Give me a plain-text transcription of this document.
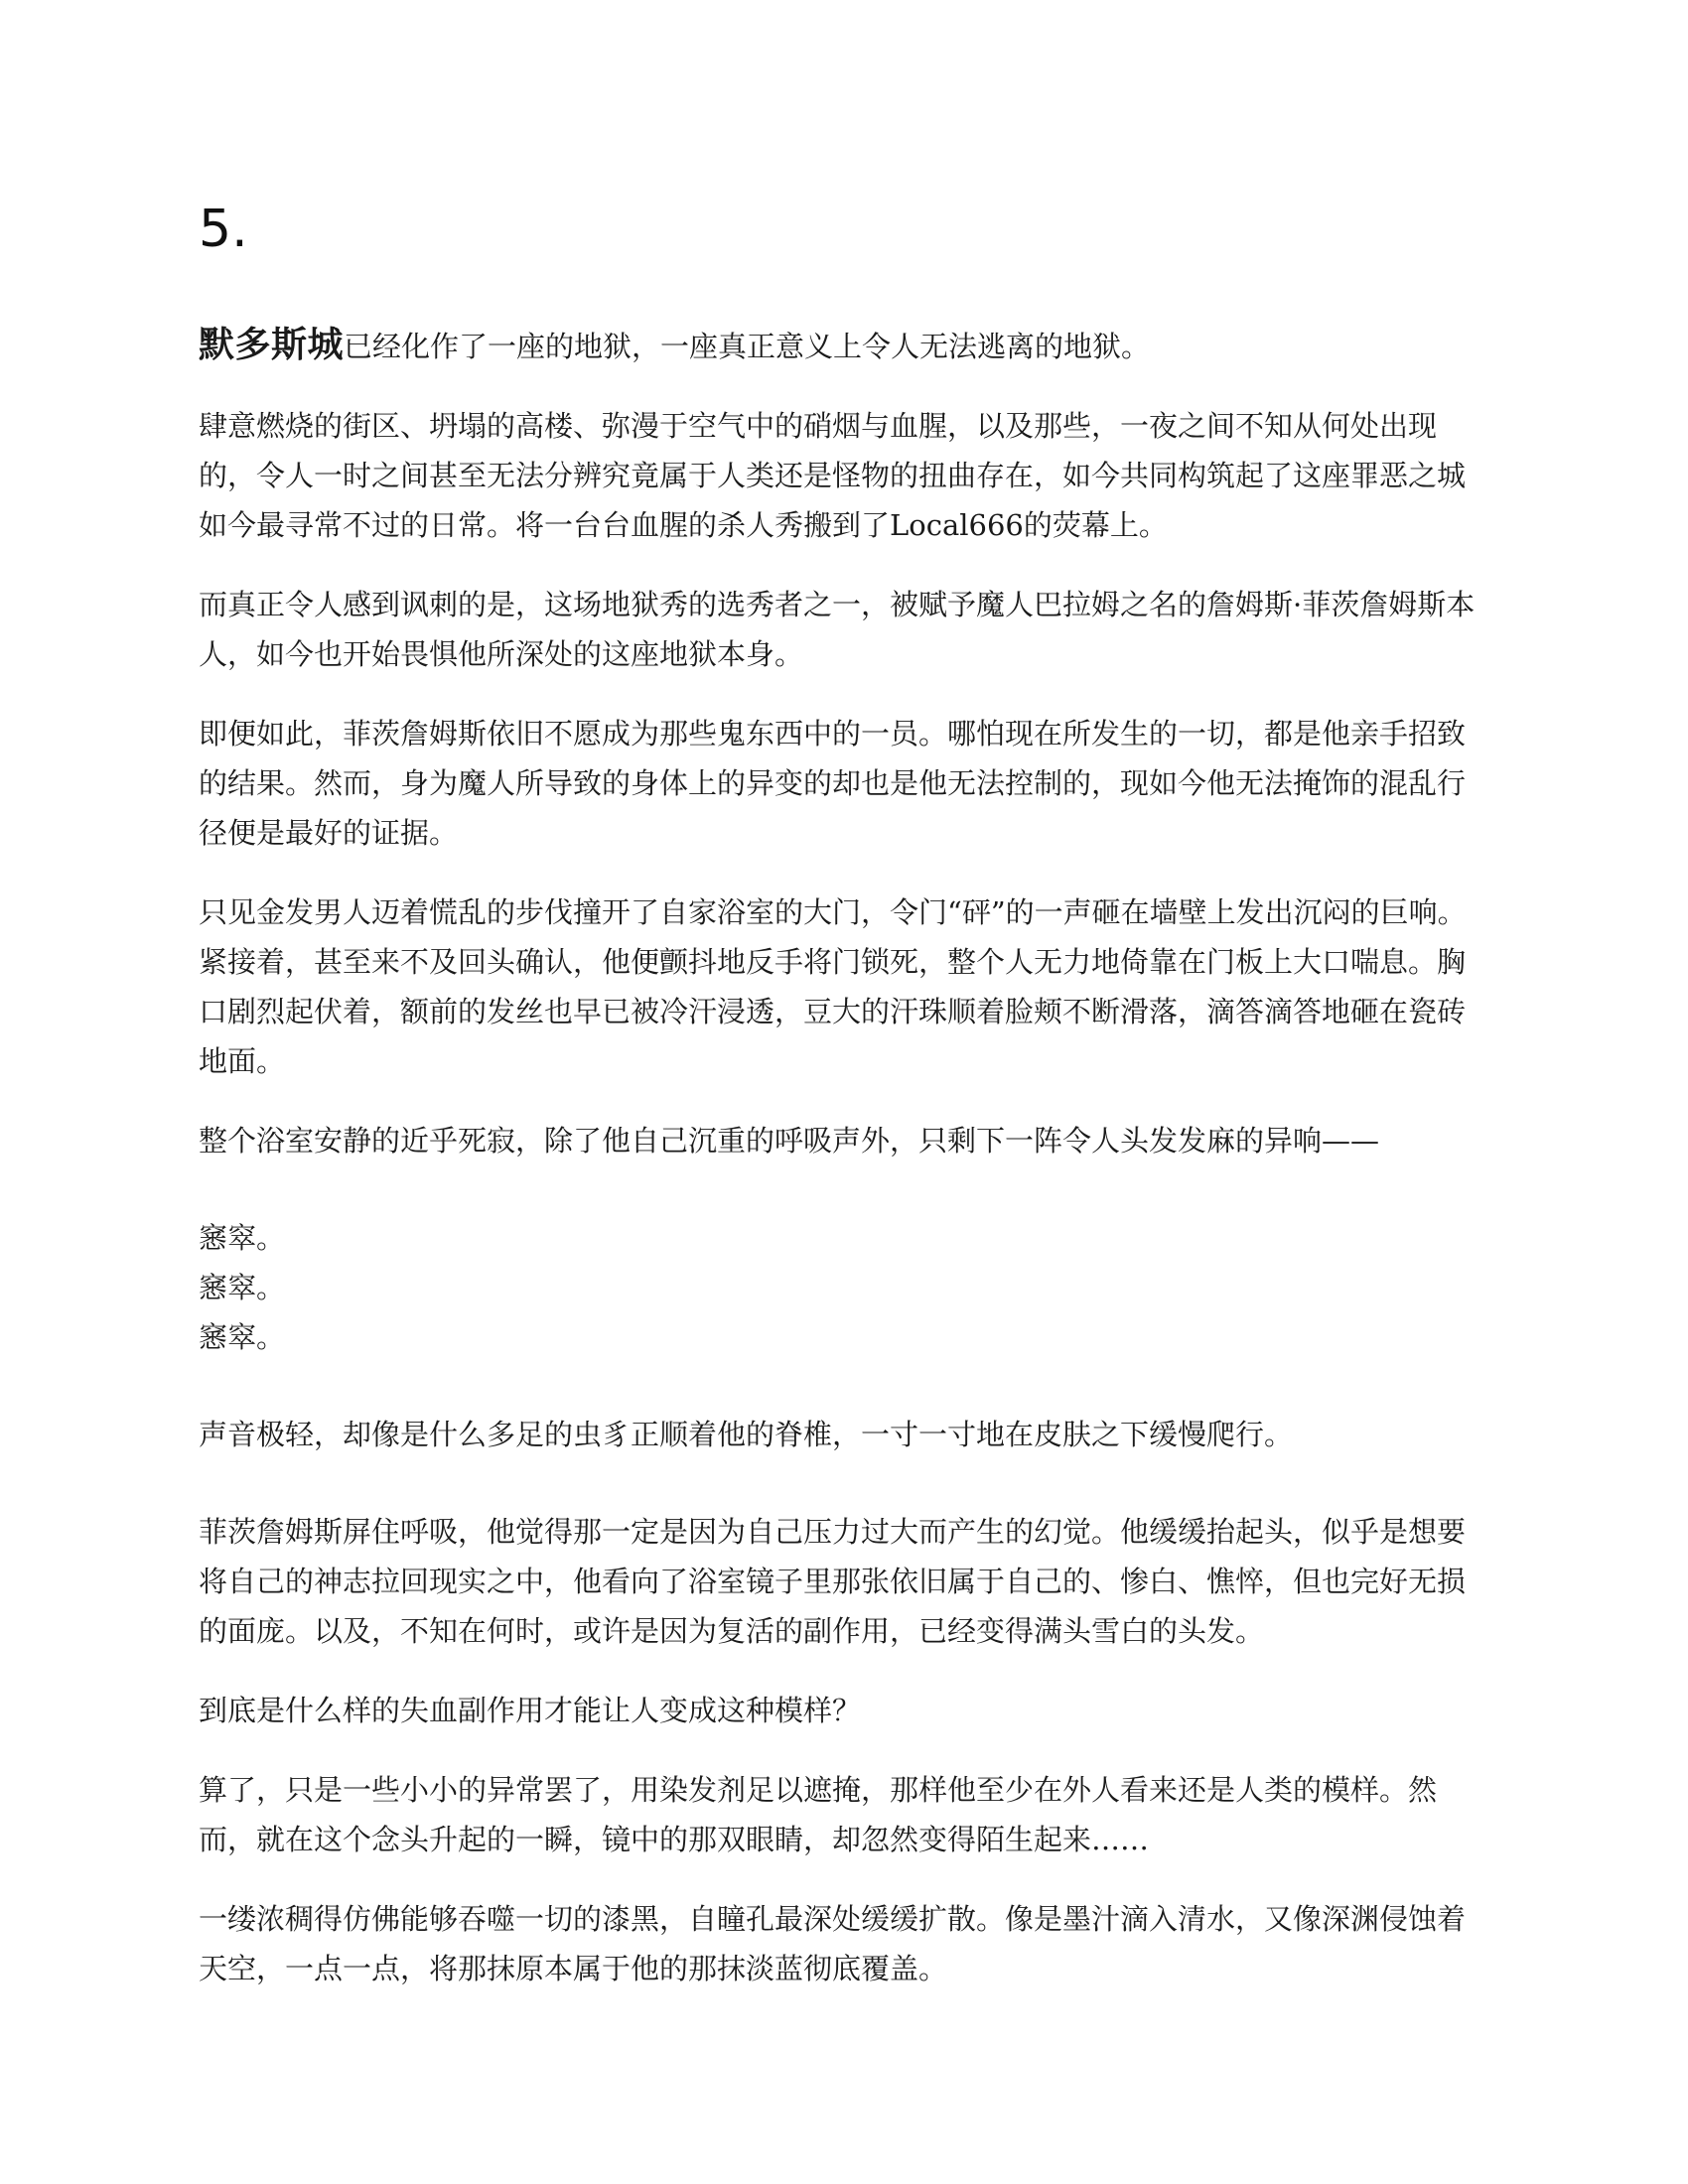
5.

默多斯城已经化作了一座的地狱，一座真正意义上令人无法逃离的地狱。

肆意燃烧的街区、坍塌的高楼、弥漫于空气中的硝烟与血腥，以及那些，一夜之间不知从何处出现的，令人一时之间甚至无法分辨究竟属于人类还是怪物的扭曲存在，如今共同构筑起了这座罪恶之城如今最寻常不过的日常。将一台台血腥的杀人秀搬到了Local666的荧幕上。

而真正令人感到讽刺的是，这场地狱秀的选秀者之一，被赋予魔人巴拉姆之名的詹姆斯·菲茨詹姆斯本人，如今也开始畏惧他所深处的这座地狱本身。

即便如此，菲茨詹姆斯依旧不愿成为那些鬼东西中的一员。哪怕现在所发生的一切，都是他亲手招致的结果。然而，身为魔人所导致的身体上的异变的却也是他无法控制的，现如今他无法掩饰的混乱行径便是最好的证据。

只见金发男人迈着慌乱的步伐撞开了自家浴室的大门，令门“砰”的一声砸在墙壁上发出沉闷的巨响。紧接着，甚至来不及回头确认，他便颤抖地反手将门锁死，整个人无力地倚靠在门板上大口喘息。胸口剧烈起伏着，额前的发丝也早已被冷汗浸透，豆大的汗珠顺着脸颊不断滑落，滴答滴答地砸在瓷砖地面。

整个浴室安静的近乎死寂，除了他自己沉重的呼吸声外，只剩下一阵令人头发发麻的异响——

窸窣。

窸窣。

窸窣。

声音极轻，却像是什么多足的虫豸正顺着他的脊椎，一寸一寸地在皮肤之下缓慢爬行。

菲茨詹姆斯屏住呼吸，他觉得那一定是因为自己压力过大而产生的幻觉。他缓缓抬起头，似乎是想要将自己的神志拉回现实之中，他看向了浴室镜子里那张依旧属于自己的、惨白、憔悴，但也完好无损的面庞。以及，不知在何时，或许是因为复活的副作用，已经变得满头雪白的头发。

到底是什么样的失血副作用才能让人变成这种模样？

算了，只是一些小小的异常罢了，用染发剂足以遮掩，那样他至少在外人看来还是人类的模样。然而，就在这个念头升起的一瞬，镜中的那双眼睛，却忽然变得陌生起来……

一缕浓稠得仿佛能够吞噬一切的漆黑，自瞳孔最深处缓缓扩散。像是墨汁滴入清水，又像深渊侵蚀着天空，一点一点，将那抹原本属于他的那抹淡蓝彻底覆盖。
